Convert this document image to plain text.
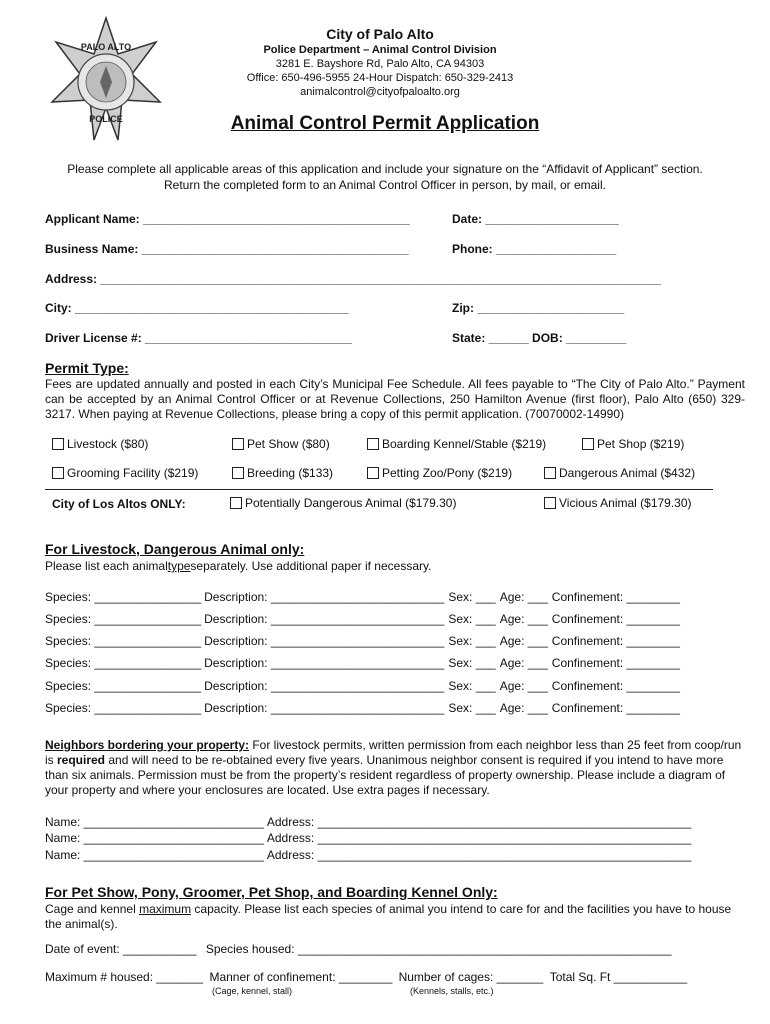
PALO ALTO
POLICE
City of Palo Alto
Police Department – Animal Control Division
3281 E. Bayshore Rd, Palo Alto, CA 94303
Office: 650-496-5955 24-Hour Dispatch: 650-329-2413
animalcontrol@cityofpaloalto.org
Animal Control Permit Application
Please complete all applicable areas of this application and include your signature on the “Affidavit of Applicant” section.
Return the completed form to an Animal Control Officer in person, by mail, or email.
Applicant Name: ________________________________________	Date: ____________________
Business Name: ________________________________________	Phone: __________________
Address: ____________________________________________________________________________________
City: _________________________________________	Zip: ______________________
Driver License #: _______________________________	State: ______ DOB: _________
Permit Type:
Fees are updated annually and posted in each City’s Municipal Fee Schedule. All fees payable to “The City of Palo Alto.” Payment can be accepted by an Animal Control Officer or at Revenue Collections, 250 Hamilton Avenue (first floor), Palo Alto (650) 329-3217. When paying at Revenue Collections, please bring a copy of this permit application. (70070002-14990)
Livestock ($80)	Pet Show ($80)	Boarding Kennel/Stable ($219)	Pet Shop ($219)
Grooming Facility ($219)	Breeding ($133)	Petting Zoo/Pony ($219)	Dangerous Animal ($432)
City of Los Altos ONLY:	Potentially Dangerous Animal ($179.30)	Vicious Animal ($179.30)
For Livestock, Dangerous Animal only:
Please list each animaltypeseparately. Use additional paper if necessary.
Species: ________________ Description: __________________________ Sex: ___ Age: ___ Confinement: ________
Species: ________________ Description: __________________________ Sex: ___ Age: ___ Confinement: ________
Species: ________________ Description: __________________________ Sex: ___ Age: ___ Confinement: ________
Species: ________________ Description: __________________________ Sex: ___ Age: ___ Confinement: ________
Species: ________________ Description: __________________________ Sex: ___ Age: ___ Confinement: ________
Species: ________________ Description: __________________________ Sex: ___ Age: ___ Confinement: ________
Neighbors bordering your property: For livestock permits, written permission from each neighbor less than 25 feet from coop/run is required and will need to be re-obtained every five years. Unanimous neighbor consent is required if you intend to have more than six animals. Permission must be from the property’s resident regardless of property ownership. Please include a diagram of your property and where your enclosures are located. Use extra pages if necessary.
Name: ___________________________ Address: ________________________________________________________
Name: ___________________________ Address: ________________________________________________________
Name: ___________________________ Address: ________________________________________________________
For Pet Show, Pony, Groomer, Pet Shop, and Boarding Kennel Only:
Cage and kennel maximum capacity. Please list each species of animal you intend to care for and the facilities you have to house the animal(s).
Date of event: ___________ Species housed: ________________________________________________________
Maximum # housed: _______ Manner of confinement: ________ Number of cages: _______ Total Sq. Ft ___________
(Cage, kennel, stall)	(Kennels, stalls, etc.)
